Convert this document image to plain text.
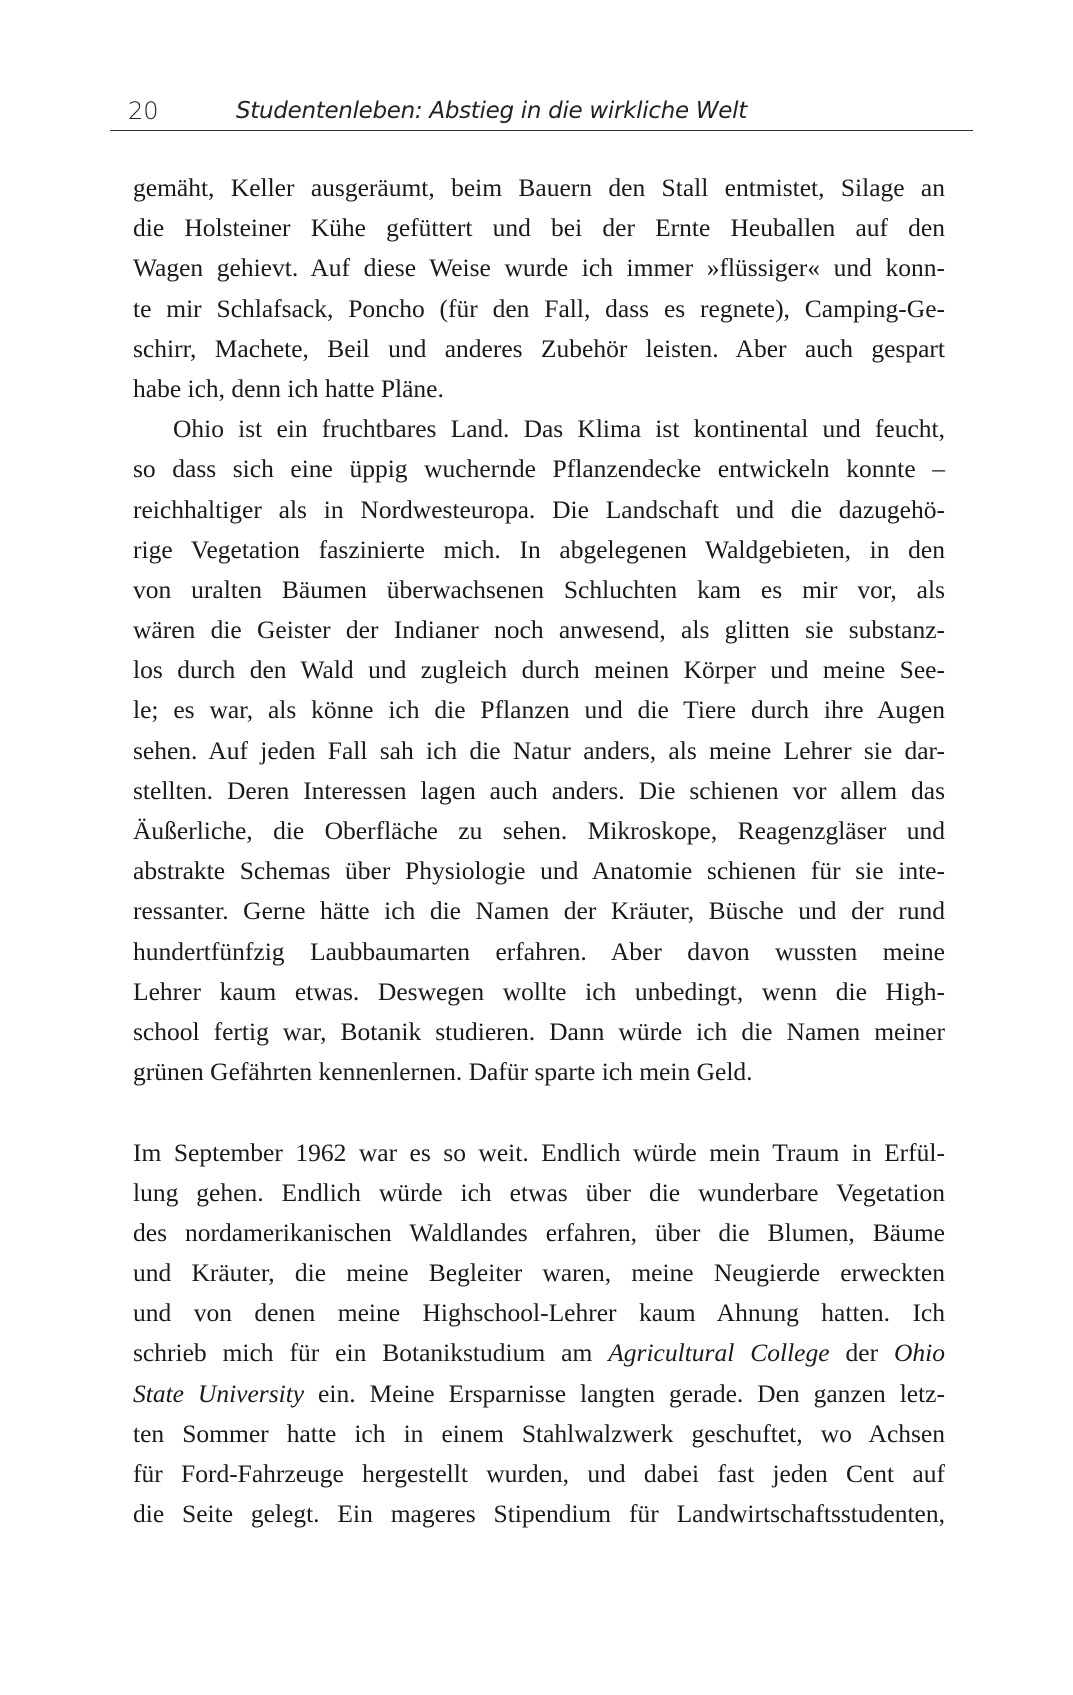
20	Studentenleben: Abstieg in die wirkliche Welt
gemäht, Keller ausgeräumt, beim Bauern den Stall entmistet, Silage an
die Holsteiner Kühe gefüttert und bei der Ernte Heuballen auf den
Wagen gehievt. Auf diese Weise wurde ich immer »flüssiger« und konn-
te mir Schlafsack, Poncho (für den Fall, dass es regnete), Camping-Ge-
schirr, Machete, Beil und anderes Zubehör leisten. Aber auch gespart
habe ich, denn ich hatte Pläne.
Ohio ist ein fruchtbares Land. Das Klima ist kontinental und feucht,
so dass sich eine üppig wuchernde Pflanzendecke entwickeln konnte –
reichhaltiger als in Nordwesteuropa. Die Landschaft und die dazugehö-
rige Vegetation faszinierte mich. In abgelegenen Waldgebieten, in den
von uralten Bäumen überwachsenen Schluchten kam es mir vor, als
wären die Geister der Indianer noch anwesend, als glitten sie substanz-
los durch den Wald und zugleich durch meinen Körper und meine See-
le; es war, als könne ich die Pflanzen und die Tiere durch ihre Augen
sehen. Auf jeden Fall sah ich die Natur anders, als meine Lehrer sie dar-
stellten. Deren Interessen lagen auch anders. Die schienen vor allem das
Äußerliche, die Oberfläche zu sehen. Mikroskope, Reagenzgläser und
abstrakte Schemas über Physiologie und Anatomie schienen für sie inte-
ressanter. Gerne hätte ich die Namen der Kräuter, Büsche und der rund
hundertfünfzig Laubbaumarten erfahren. Aber davon wussten meine
Lehrer kaum etwas. Deswegen wollte ich unbedingt, wenn die High-
school fertig war, Botanik studieren. Dann würde ich die Namen meiner
grünen Gefährten kennenlernen. Dafür sparte ich mein Geld.
Im September 1962 war es so weit. Endlich würde mein Traum in Erfül-
lung gehen. Endlich würde ich etwas über die wunderbare Vegetation
des nordamerikanischen Waldlandes erfahren, über die Blumen, Bäume
und Kräuter, die meine Begleiter waren, meine Neugierde erweckten
und von denen meine Highschool-Lehrer kaum Ahnung hatten. Ich
schrieb mich für ein Botanikstudium am Agricultural College der Ohio
State University ein. Meine Ersparnisse langten gerade. Den ganzen letz-
ten Sommer hatte ich in einem Stahlwalzwerk geschuftet, wo Achsen
für Ford-Fahrzeuge hergestellt wurden, und dabei fast jeden Cent auf
die Seite gelegt. Ein mageres Stipendium für Landwirtschaftsstudenten,
